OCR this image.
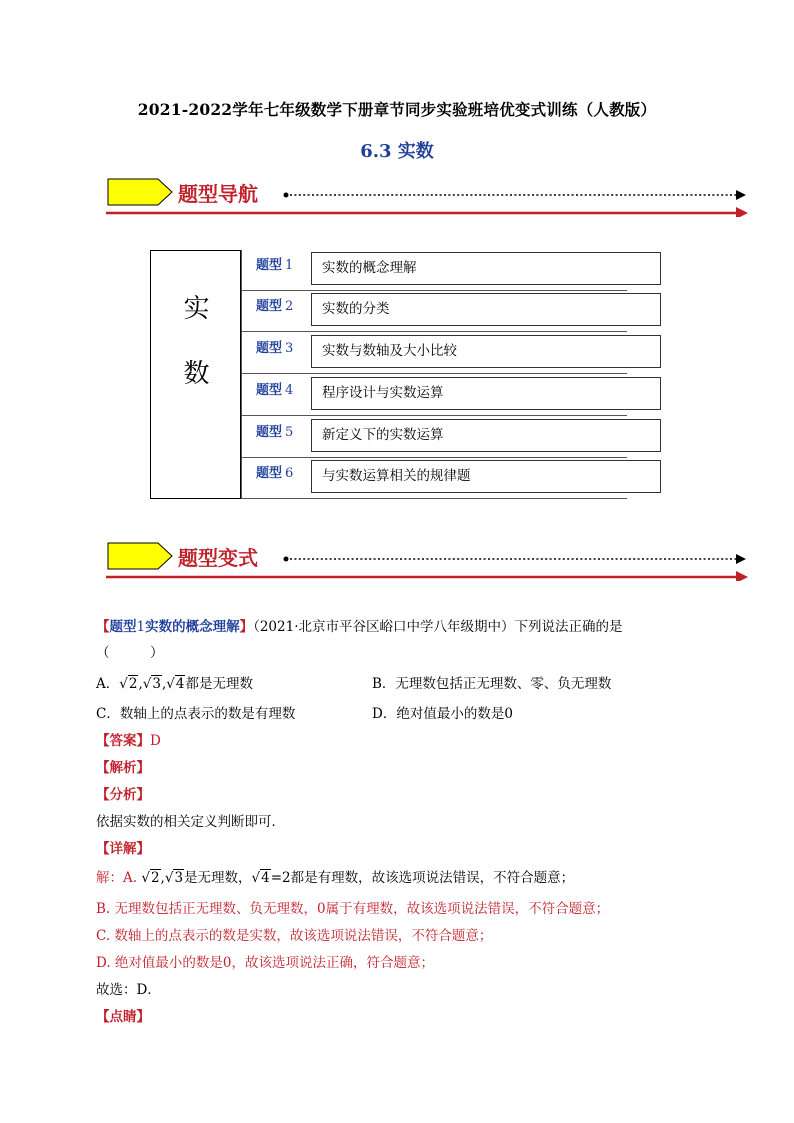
2021-2022学年七年级数学下册章节同步实验班培优变式训练（人教版）
6.3 实数
题型导航
实
数
题型 1	实数的概念理解
题型 2	实数的分类
题型 3	实数与数轴及大小比较
题型 4	程序设计与实数运算
题型 5	新定义下的实数运算
题型 6	与实数运算相关的规律题
题型变式
【题型1实数的概念理解】（2021·北京市平谷区峪口中学八年级期中）下列说法正确的是
（　　　）
A．√2,√3,√4都是无理数	B．无理数包括正无理数、零、负无理数
C．数轴上的点表示的数是有理数	D．绝对值最小的数是0
【答案】D
【解析】
【分析】
依据实数的相关定义判断即可．
【详解】
解：A. √2,√3是无理数，√4=2都是有理数，故该选项说法错误，不符合题意；
B. 无理数包括正无理数、负无理数，0属于有理数，故该选项说法错误，不符合题意；
C. 数轴上的点表示的数是实数，故该选项说法错误，不符合题意；
D. 绝对值最小的数是0，故该选项说法正确，符合题意；
故选：D．
【点睛】
